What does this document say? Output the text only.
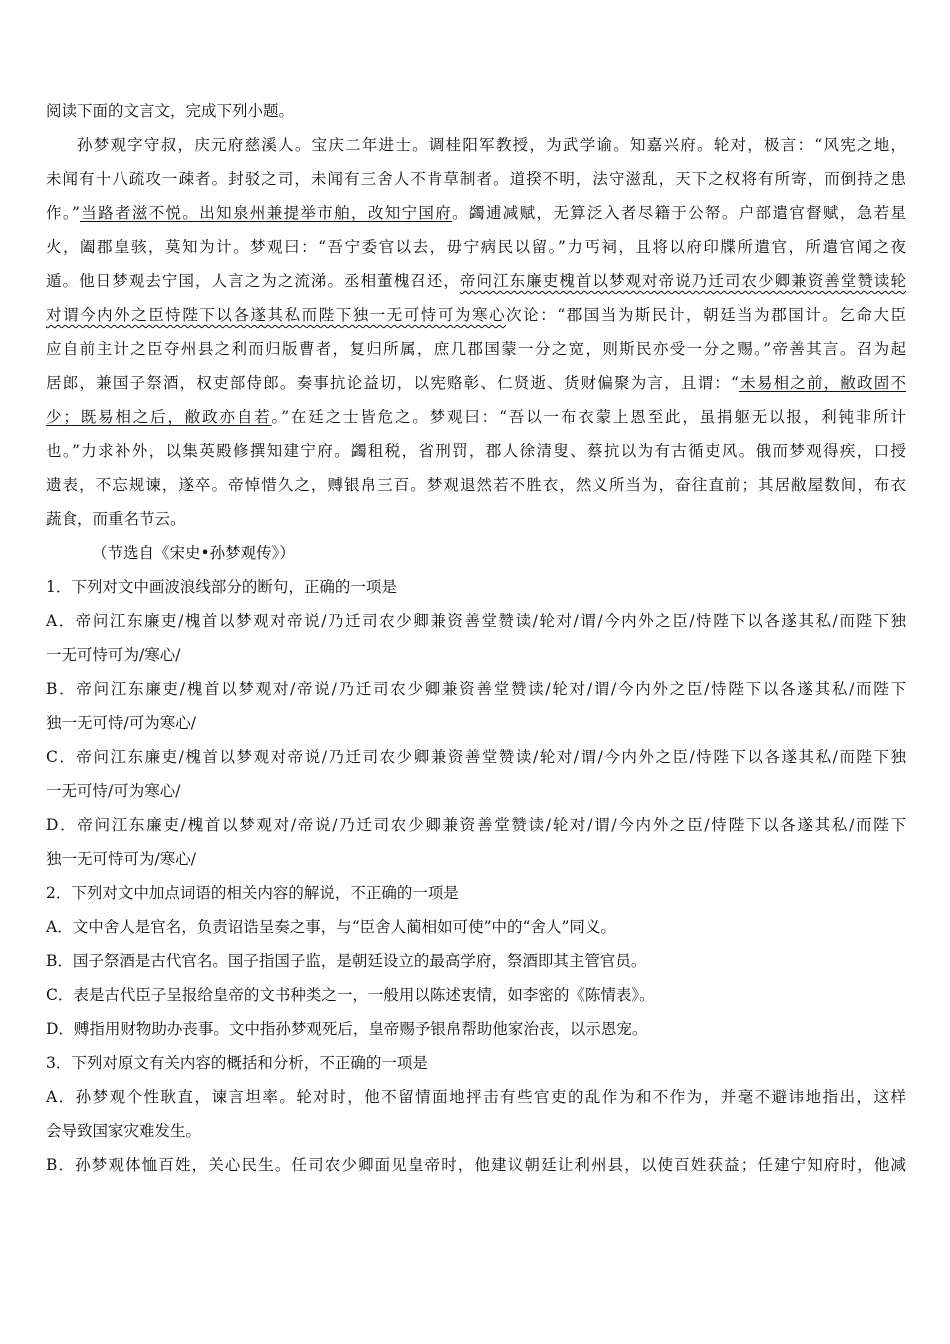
阅读下面的文言文，完成下列小题。
孙梦观字守叔，庆元府慈溪人。宝庆二年进士。调桂阳军教授，为武学谕。知嘉兴府。轮对，极言：“风宪之地，
未闻有十八疏攻一疎者。封驳之司，未闻有三舍人不肯草制者。道揆不明，法守滋乱，天下之权将有所寄，而倒持之患
作。”当路者滋不悦。出知泉州兼提举市舶，改知宁国府。蠲逋减赋，无算泛入者尽籍于公帑。户部遣官督赋，急若星
火，阖郡皇骇，莫知为计。梦观曰：“吾宁委官以去，毋宁病民以留。”力丐祠，且将以府印牒所遣官，所遣官闻之夜
遁。他日梦观去宁国，人言之为之流涕。丞相董槐召还，帝问江东廉吏槐首以梦观对帝说乃迁司农少卿兼资善堂赞读轮
对谓今内外之臣恃陛下以各遂其私而陛下独一无可恃可为寒心次论：“郡国当为斯民计，朝廷当为郡国计。乞命大臣
应自前主计之臣夺州县之利而归版曹者，复归所属，庶几郡国蒙一分之宽，则斯民亦受一分之赐。”帝善其言。召为起
居郎，兼国子祭酒，权吏部侍郎。奏事抗论益切，以宪赂彰、仁贤逝、货财偏聚为言，且谓：“未易相之前，敝政固不
少；既易相之后，敝政亦自若。”在廷之士皆危之。梦观曰：“吾以一布衣蒙上恩至此，虽捐躯无以报，利钝非所计
也。”力求补外，以集英殿修撰知建宁府。蠲租税，省刑罚，郡人徐清叟、蔡抗以为有古循吏风。俄而梦观得疾，口授
遗表，不忘规谏，遂卒。帝悼惜久之，赙银帛三百。梦观退然若不胜衣，然义所当为，奋往直前；其居敝屋数间，布衣
蔬食，而重名节云。
（节选自《宋史•孙梦观传》）
1．下列对文中画波浪线部分的断句，正确的一项是
A．帝问江东廉吏/槐首以梦观对帝说/乃迁司农少卿兼资善堂赞读/轮对/谓/今内外之臣/恃陛下以各遂其私/而陛下独
一无可恃可为/寒心/
B．帝问江东廉吏/槐首以梦观对/帝说/乃迁司农少卿兼资善堂赞读/轮对/谓/今内外之臣/恃陛下以各遂其私/而陛下
独一无可恃/可为寒心/
C．帝问江东廉吏/槐首以梦观对帝说/乃迁司农少卿兼资善堂赞读/轮对/谓/今内外之臣/恃陛下以各遂其私/而陛下独
一无可恃/可为寒心/
D．帝问江东廉吏/槐首以梦观对/帝说/乃迁司农少卿兼资善堂赞读/轮对/谓/今内外之臣/恃陛下以各遂其私/而陛下
独一无可恃可为/寒心/
2．下列对文中加点词语的相关内容的解说，不正确的一项是
A．文中舍人是官名，负责诏诰呈奏之事，与“臣舍人蔺相如可使”中的“舍人”同义。
B．国子祭酒是古代官名。国子指国子监，是朝廷设立的最高学府，祭酒即其主管官员。
C．表是古代臣子呈报给皇帝的文书种类之一，一般用以陈述衷情，如李密的《陈情表》。
D．赙指用财物助办丧事。文中指孙梦观死后，皇帝赐予银帛帮助他家治丧，以示恩宠。
3．下列对原文有关内容的概括和分析，不正确的一项是
A．孙梦观个性耿直，谏言坦率。轮对时，他不留情面地抨击有些官吏的乱作为和不作为，并毫不避讳地指出，这样
会导致国家灾难发生。
B．孙梦观体恤百姓，关心民生。任司农少卿面见皇帝时，他建议朝廷让利州县，以使百姓获益；任建宁知府时，他减
